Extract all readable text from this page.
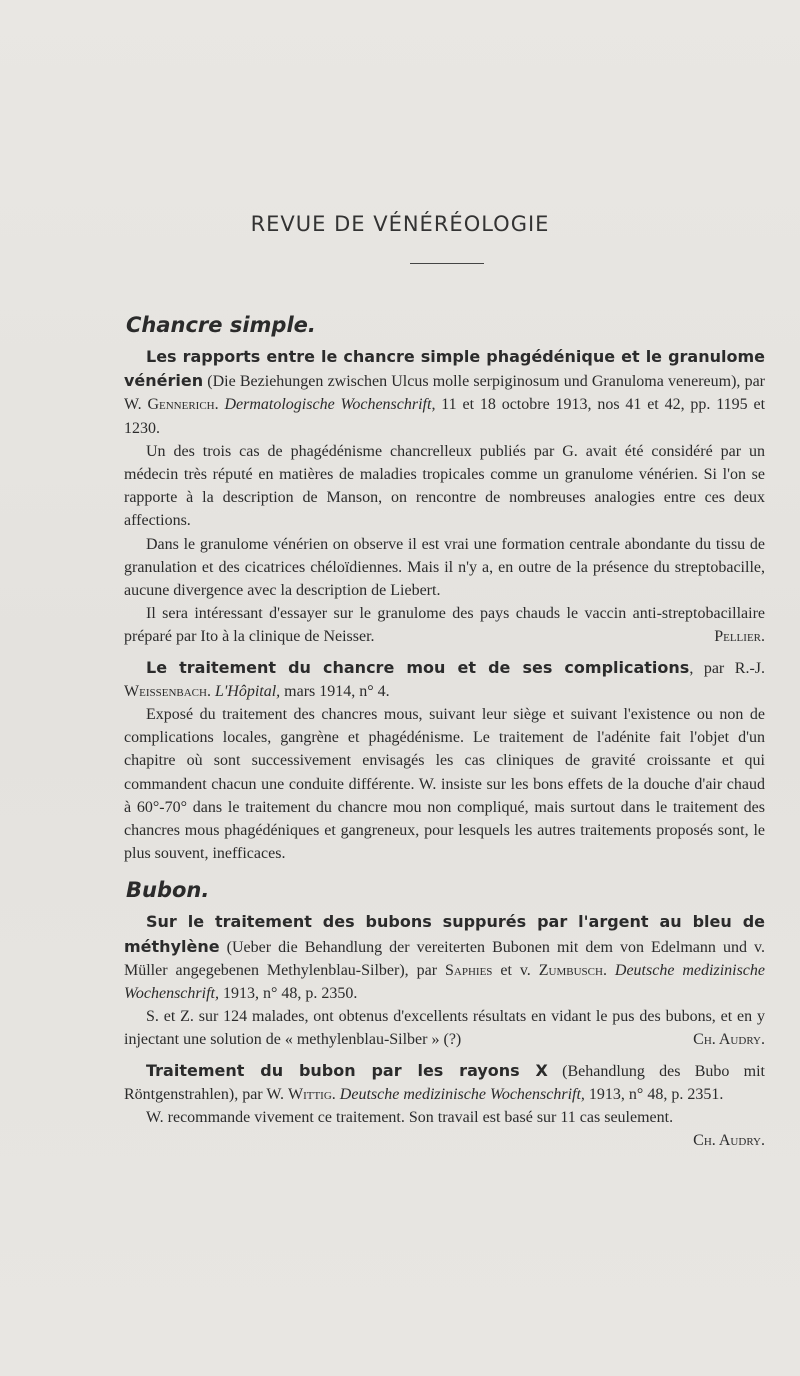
REVUE DE VÉNÉRÉOLOGIE
Chancre simple.

Les rapports entre le chancre simple phagédénique et le granulome vénérien (Die Beziehungen zwischen Ulcus molle serpiginosum und Granuloma venereum), par W. Gennerich. Dermatologische Wochenschrift, 11 et 18 octobre 1913, nos 41 et 42, pp. 1195 et 1230.

Un des trois cas de phagédénisme chancrelleux publiés par G. avait été considéré par un médecin très réputé en matières de maladies tropicales comme un granulome vénérien. Si l'on se rapporte à la description de Manson, on rencontre de nombreuses analogies entre ces deux affections.

Dans le granulome vénérien on observe il est vrai une formation centrale abondante du tissu de granulation et des cicatrices chéloïdiennes. Mais il n'y a, en outre de la présence du streptobacille, aucune divergence avec la description de Liebert.

Il sera intéressant d'essayer sur le granulome des pays chauds le vaccin anti-streptobacillaire préparé par Ito à la clinique de Neisser.	Pellier.

Le traitement du chancre mou et de ses complications, par R.-J. Weissenbach. L'Hôpital, mars 1914, n° 4.

Exposé du traitement des chancres mous, suivant leur siège et suivant l'existence ou non de complications locales, gangrène et phagédénisme. Le traitement de l'adénite fait l'objet d'un chapitre où sont successivement envisagés les cas cliniques de gravité croissante et qui commandent chacun une conduite différente. W. insiste sur les bons effets de la douche d'air chaud à 60°-70° dans le traitement du chancre mou non compliqué, mais surtout dans le traitement des chancres mous phagédéniques et gangreneux, pour lesquels les autres traitements proposés sont, le plus souvent, inefficaces.

Bubon.

Sur le traitement des bubons suppurés par l'argent au bleu de méthylène (Ueber die Behandlung der vereiterten Bubonen mit dem von Edelmann und v. Müller angegebenen Methylenblau-Silber), par Saphies et v. Zumbusch. Deutsche medizinische Wochenschrift, 1913, n° 48, p. 2350.

S. et Z. sur 124 malades, ont obtenus d'excellents résultats en vidant le pus des bubons, et en y injectant une solution de « methylenblau-Silber » (?)	Ch. Audry.

Traitement du bubon par les rayons X (Behandlung des Bubo mit Röntgenstrahlen), par W. Wittig. Deutsche medizinische Wochenschrift, 1913, n° 48, p. 2351.

W. recommande vivement ce traitement. Son travail est basé sur 11 cas seulement.
Ch. Audry.
